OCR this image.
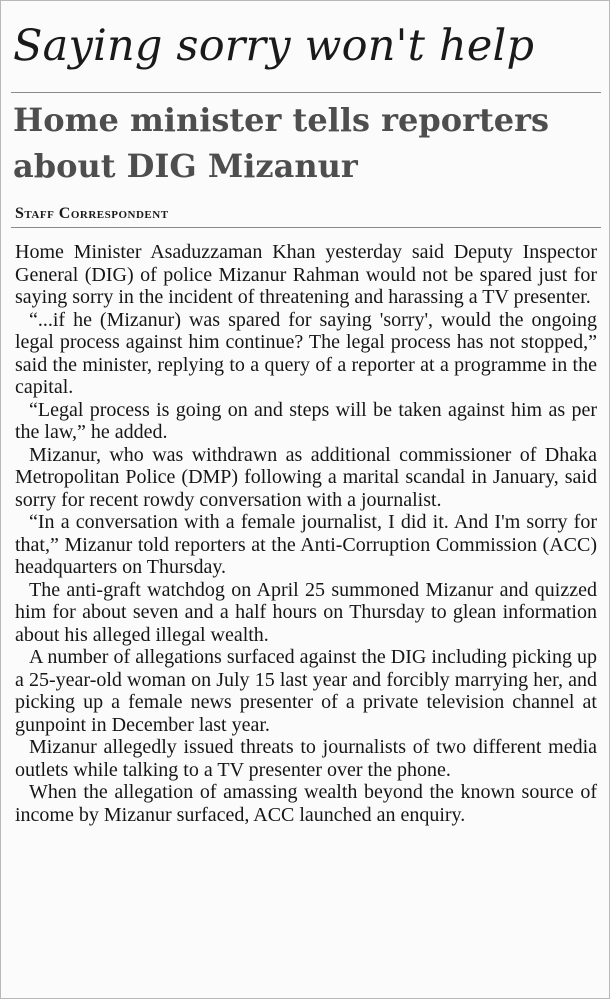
Saying sorry won't help
Home minister tells reporters
about DIG Mizanur

Staff Correspondent

Home Minister Asaduzzaman Khan yesterday said Deputy Inspector General (DIG) of police Mizanur Rahman would not be spared just for saying sorry in the incident of threatening and harassing a TV presenter.

“...if he (Mizanur) was spared for saying 'sorry', would the ongoing legal process against him continue? The legal process has not stopped,” said the minister, replying to a query of a reporter at a programme in the capital.

“Legal process is going on and steps will be taken against him as per the law,” he added.

Mizanur, who was withdrawn as additional commissioner of Dhaka Metropolitan Police (DMP) following a marital scandal in January, said sorry for recent rowdy conversation with a journalist.

“In a conversation with a female journalist, I did it. And I'm sorry for that,” Mizanur told reporters at the Anti-Corruption Commission (ACC) headquarters on Thursday.

The anti-graft watchdog on April 25 summoned Mizanur and quizzed him for about seven and a half hours on Thursday to glean information about his alleged illegal wealth.

A number of allegations surfaced against the DIG including picking up a 25-year-old woman on July 15 last year and forcibly marrying her, and picking up a female news presenter of a private television channel at gunpoint in December last year.

Mizanur allegedly issued threats to journalists of two different media outlets while talking to a TV presenter over the phone.

When the allegation of amassing wealth beyond the known source of income by Mizanur surfaced, ACC launched an enquiry.
